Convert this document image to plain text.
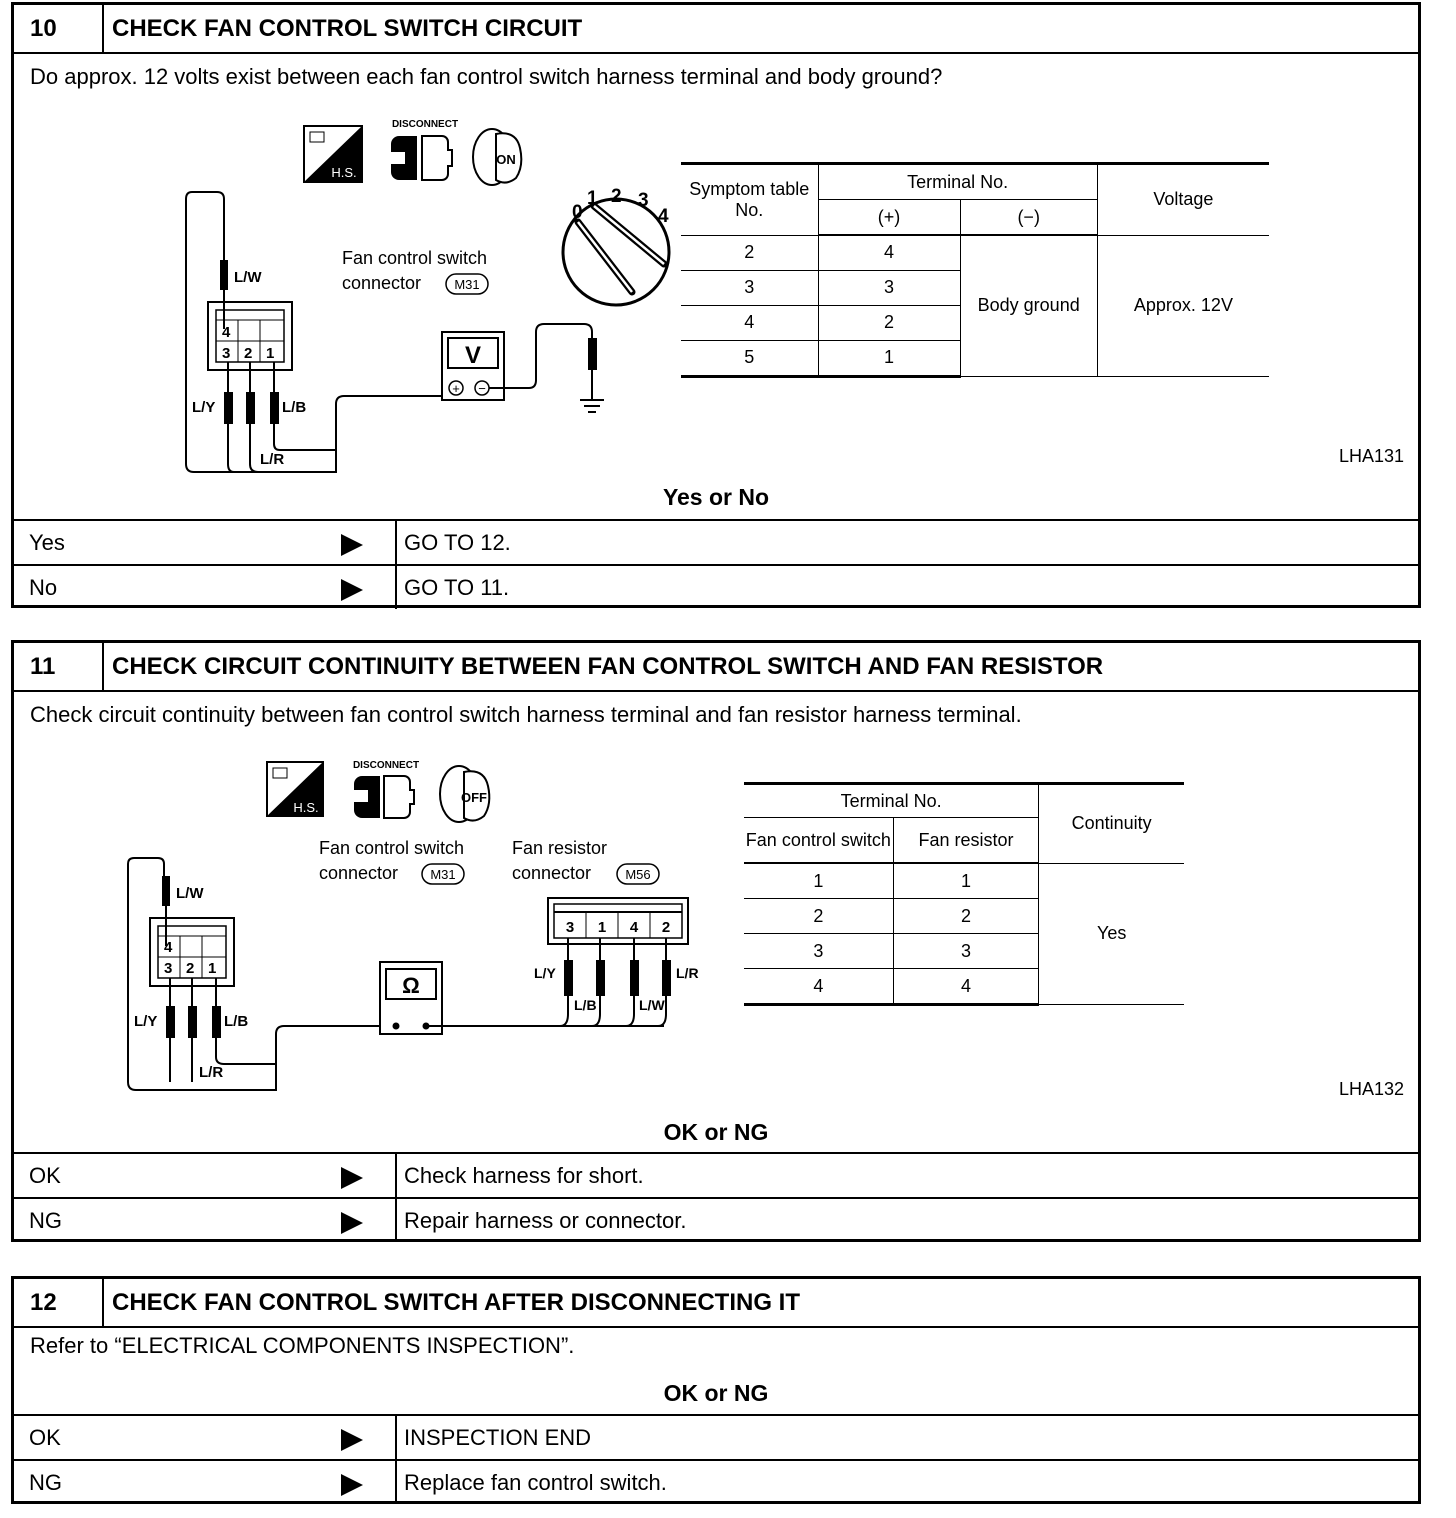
10	CHECK FAN CONTROL SWITCH CIRCUIT
Do approx. 12 volts exist between each fan control switch harness terminal and body ground?
H.S.
DISCONNECT
ON
0
1 2 3
4
Fan control switch
connector	M31
4
3 2 1
L/W
L/Y	L/B
L/R
V
+ −
Symptom table No.	Terminal No.		Voltage
	(+)	(−)	
2	4	Body ground	Approx. 12V
3	3		
4	2		
5	1		
LHA131
Yes or No
Yes	GO TO 12.
No	GO TO 11.
11	CHECK CIRCUIT CONTINUITY BETWEEN FAN CONTROL SWITCH AND FAN RESISTOR
Check circuit continuity between fan control switch harness terminal and fan resistor harness terminal.
H.S.
DISCONNECT
OFF
Fan control switch
connector M31
Fan resistor
connector	M56
4
3 2 1
L/W
L/Y	L/B
L/R
Ω
3 1 4 2
L/Y
L/B	L/W
L/R
Terminal No.		Continuity
Fan control switch	Fan resistor	
1	1	Yes
2	2	
3	3	
4	4	
LHA132
OK or NG
OK	Check harness for short.
NG	Repair harness or connector.
12	CHECK FAN CONTROL SWITCH AFTER DISCONNECTING IT
Refer to “ELECTRICAL COMPONENTS INSPECTION”.
OK or NG
OK	INSPECTION END
NG	Replace fan control switch.
